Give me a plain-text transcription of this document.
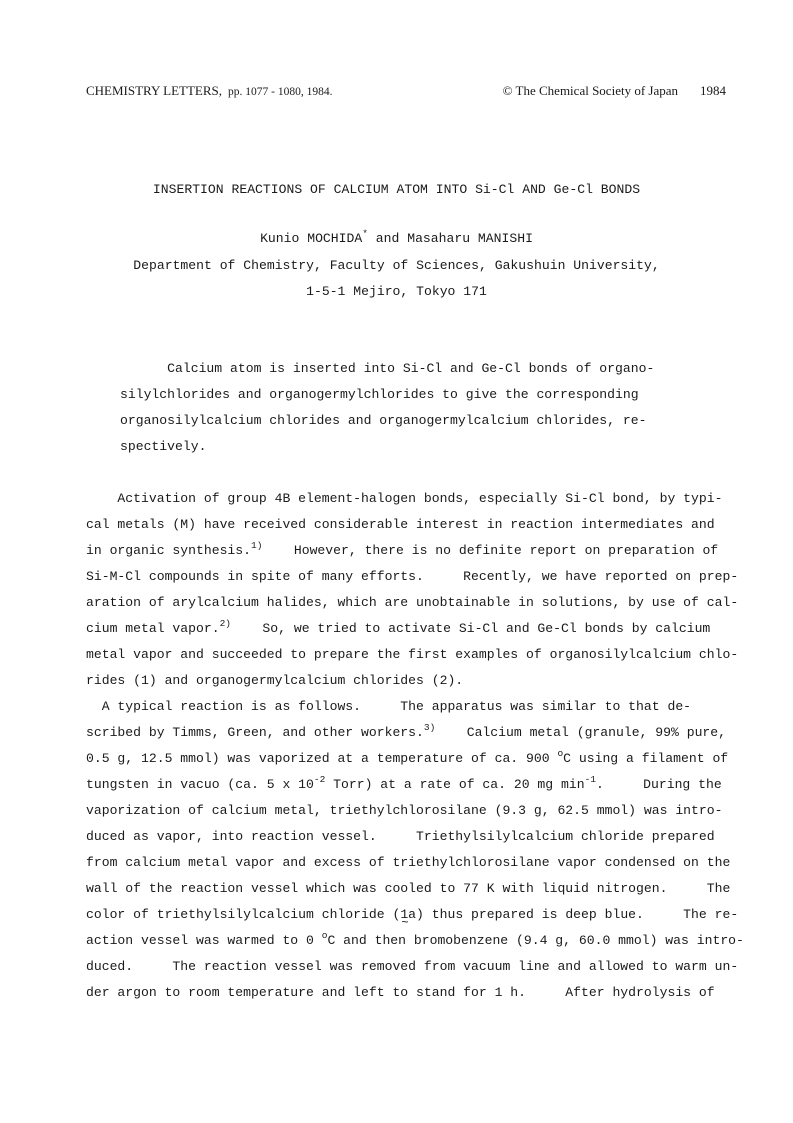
CHEMISTRY LETTERS, pp. 1077 - 1080, 1984.	© The Chemical Society of Japan 1984
INSERTION REACTIONS OF CALCIUM ATOM INTO Si-Cl AND Ge-Cl BONDS
Kunio MOCHIDA* and Masaharu MANISHI
Department of Chemistry, Faculty of Sciences, Gakushuin University,
1-5-1 Mejiro, Tokyo 171
Calcium atom is inserted into Si-Cl and Ge-Cl bonds of organo-
silylchlorides and organogermylchlorides to give the corresponding
organosilylcalcium chlorides and organogermylcalcium chlorides, re-
spectively.
Activation of group 4B element-halogen bonds, especially Si-Cl bond, by typi-
cal metals (M) have received considerable interest in reaction intermediates and
in organic synthesis.$^{1)}$    However, there is no definite report on preparation of
Si-M-Cl compounds in spite of many efforts.     Recently, we have reported on prep-
aration of arylcalcium halides, which are unobtainable in solutions, by use of cal-
cium metal vapor.$^{2)}$    So, we tried to activate Si-Cl and Ge-Cl bonds by calcium
metal vapor and succeeded to prepare the first examples of organosilylcalcium chlo-
rides (1) and organogermylcalcium chlorides (2).
A typical reaction is as follows.     The apparatus was similar to that de-
scribed by Timms, Green, and other workers.$^{3)}$    Calcium metal (granule, 99% pure,
0.5 g, 12.5 mmol) was vaporized at a temperature of ca. 900 $^o$C using a filament of
tungsten in vacuo (ca. 5 x $10^{-2}$ Torr) at a rate of ca. 20 mg $\min^{-1}$.     During the
vaporization of calcium metal, triethylchlorosilane (9.3 g, 62.5 mmol) was intro-
duced as vapor, into reaction vessel.     Triethylsilylcalcium chloride prepared
from calcium metal vapor and excess of triethylchlorosilane vapor condensed on the
wall of the reaction vessel which was cooled to 77 K with liquid nitrogen.     The
color of triethylsilylcalcium chloride (1a ~) thus prepared is deep blue.     The re-
action vessel was warmed to 0 $^o$C and then bromobenzene (9.4 g, 60.0 mmol) was intro-
duced.     The reaction vessel was removed from vacuum line and allowed to warm un-
der argon to room temperature and left to stand for 1 h.     After hydrolysis of
